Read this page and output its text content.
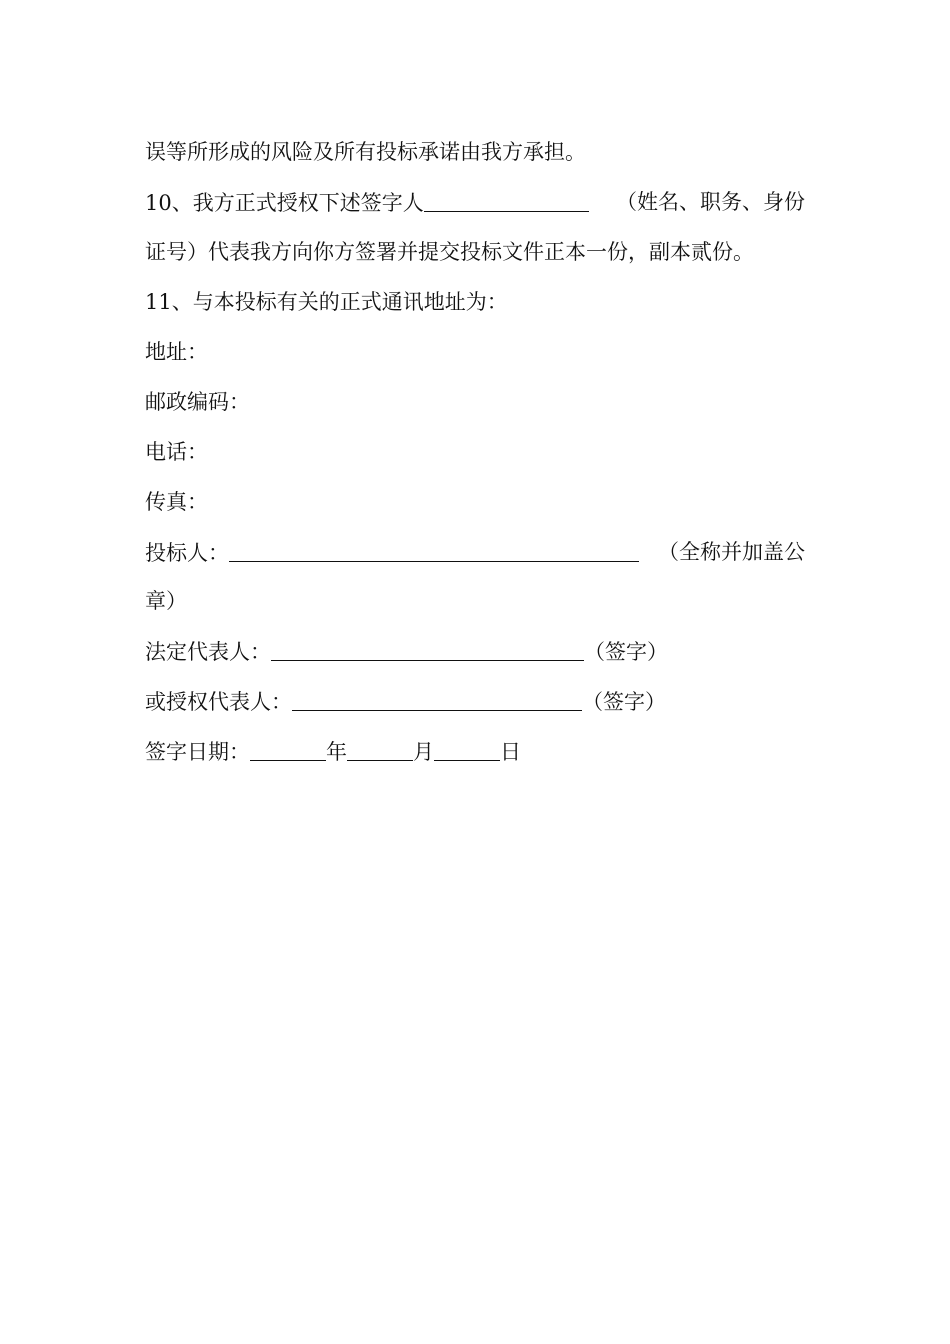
误等所形成的风险及所有投标承诺由我方承担。
10、我方正式授权下述签字人	（姓名、职务、身份
证号）代表我方向你方签署并提交投标文件正本一份，副本贰份。
11、与本投标有关的正式通讯地址为：
地址：
邮政编码：
电话：
传真：
投标人：	（全称并加盖公
章）
法定代表人：	（签字）
或授权代表人：	（签字）
签字日期：	年	月	日
